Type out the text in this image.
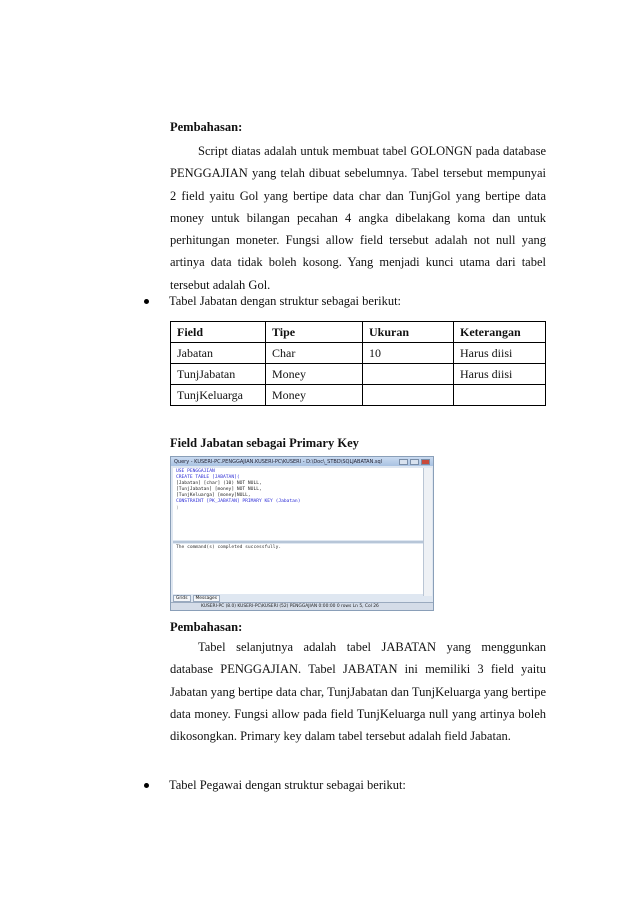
Pembahasan:
Script diatas adalah untuk membuat tabel GOLONGN pada database PENGGAJIAN yang telah dibuat sebelumnya. Tabel tersebut mempunyai 2 field yaitu Gol yang bertipe data char dan TunjGol yang bertipe data money untuk bilangan pecahan 4 angka dibelakang koma dan untuk perhitungan moneter. Fungsi allow field tersebut adalah not null yang artinya data tidak boleh kosong. Yang menjadi kunci utama dari tabel tersebut adalah Gol.
Tabel Jabatan dengan struktur sebagai berikut:
Field	Tipe	Ukuran	Keterangan
Jabatan	Char	10	Harus diisi
TunjJabatan	Money		Harus diisi
TunjKeluarga	Money		
Field Jabatan sebagai Primary Key
Query - KUSERI-PC.PENGGAJIAN.KUSERI-PC\KUSERI - D:\Doc\_STBD\SQLJABATAN.sql
USE PENGGAJIAN
CREATE TABLE [JABATAN](
[Jabatan] [char] (10) NOT NULL,
[TunjJabatan] [money] NOT NULL,
[TunjKeluarga] [money]NULL,
CONSTRAINT [PK_JABATAN] PRIMARY KEY (Jabatan)
)
The command(s) completed successfully.
Grids	Messages
KUSERI-PC (8.0) KUSERI-PC\KUSERI (52) PENGGAJIAN 0:00:00 0 rows Ln 5, Col 26
Pembahasan:
Tabel selanjutnya adalah tabel JABATAN yang menggunkan database PENGGAJIAN. Tabel JABATAN ini memiliki 3 field yaitu Jabatan yang bertipe data char, TunjJabatan dan TunjKeluarga yang bertipe data money. Fungsi allow pada field TunjKeluarga null yang artinya boleh dikosongkan. Primary key dalam tabel tersebut adalah field Jabatan.
Tabel Pegawai dengan struktur sebagai berikut:
